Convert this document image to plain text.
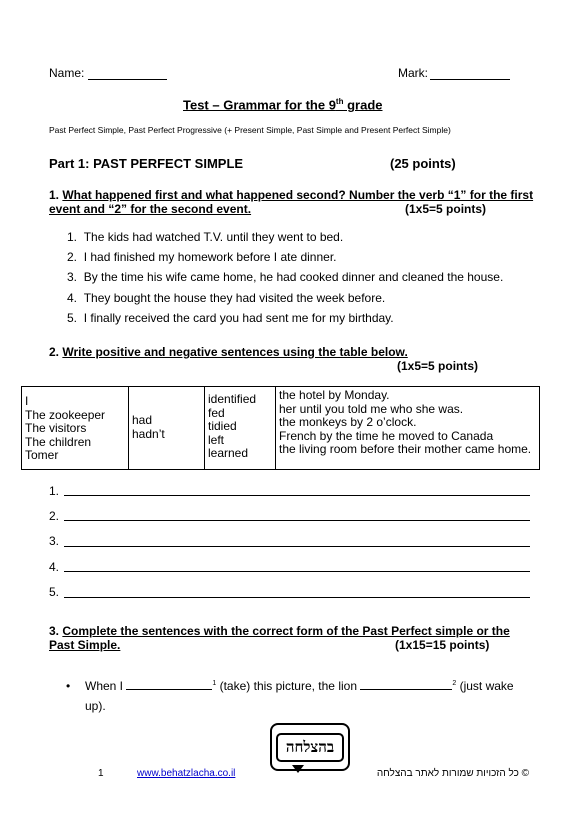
Name:	Mark:
Test – Grammar for the 9th grade
Past Perfect Simple, Past Perfect Progressive (+ Present Simple, Past Simple and Present Perfect Simple)
Part 1: PAST PERFECT SIMPLE	(25 points)
1. What happened first and what happened second? Number the verb “1” for the first
event and “2” for the second event.	(1x5=5 points)
1. The kids had watched T.V. until they went to bed.
2. I had finished my homework before I ate dinner.
3. By the time his wife came home, he had cooked dinner and cleaned the house.
4. They bought the house they had visited the week before.
5. I finally received the card you had sent me for my birthday.
2. Write positive and negative sentences using the table below.
(1x5=5 points)
I
The zookeeper
The visitors
The children
Tomer

had
hadn’t

identified
fed
tidied
left
learned

the hotel by Monday.
her until you told me who she was.
the monkeys by 2 o’clock.
French by the time he moved to Canada
the living room before their mother came home.
1.
2.
3.
4.
5.
3. Complete the sentences with the correct form of the Past Perfect simple or the
Past Simple.	(1x15=15 points)
• When I	$^1$ (take) this picture, the lion	$^2$ (just wake
up).
בהצלחה
1	www.behatzlacha.co.il	© כל הזכויות שמורות לאתר בהצלחה
